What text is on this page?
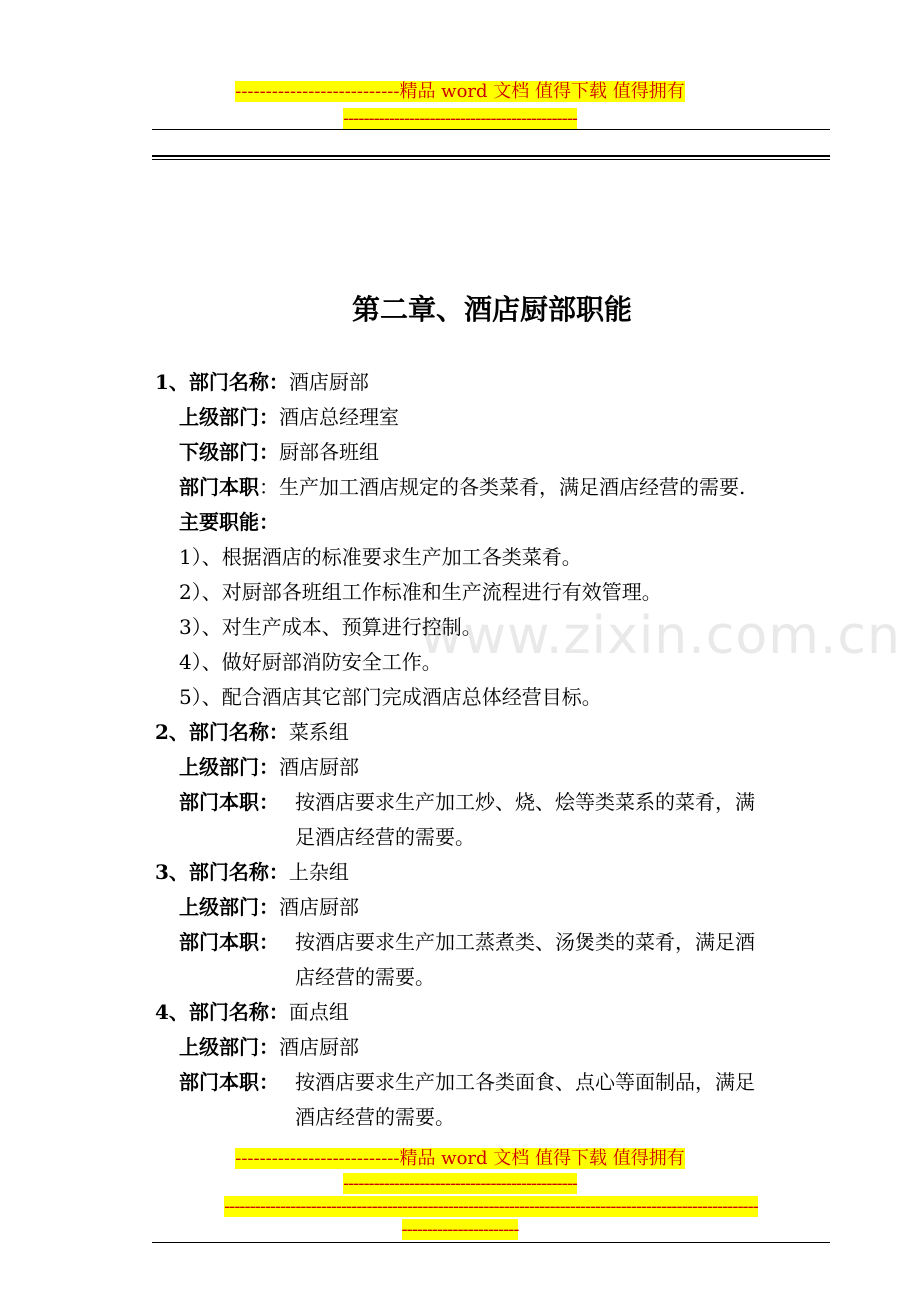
---------------------------精品 word 文档 值得下载 值得拥有
----------------------------------------------
www.zixin.com.cn
第二章、酒店厨部职能
1、部门名称：酒店厨部
上级部门：酒店总经理室
下级部门：厨部各班组
部门本职：生产加工酒店规定的各类菜肴，满足酒店经营的需要.
主要职能：
1）、根据酒店的标准要求生产加工各类菜肴。
2）、对厨部各班组工作标准和生产流程进行有效管理。
3）、对生产成本、预算进行控制。
4）、做好厨部消防安全工作。
5）、配合酒店其它部门完成酒店总体经营目标。
2、部门名称：菜系组
上级部门：酒店厨部
部门本职： 按酒店要求生产加工炒、烧、烩等类菜系的菜肴，满
足酒店经营的需要。
3、部门名称：上杂组
上级部门：酒店厨部
部门本职： 按酒店要求生产加工蒸煮类、汤煲类的菜肴，满足酒
店经营的需要。
4、部门名称：面点组
上级部门：酒店厨部
部门本职： 按酒店要求生产加工各类面食、点心等面制品，满足
酒店经营的需要。
---------------------------精品 word 文档 值得下载 值得拥有
----------------------------------------------
---------------------------------------------------------------------------------------------------------
-----------------------
